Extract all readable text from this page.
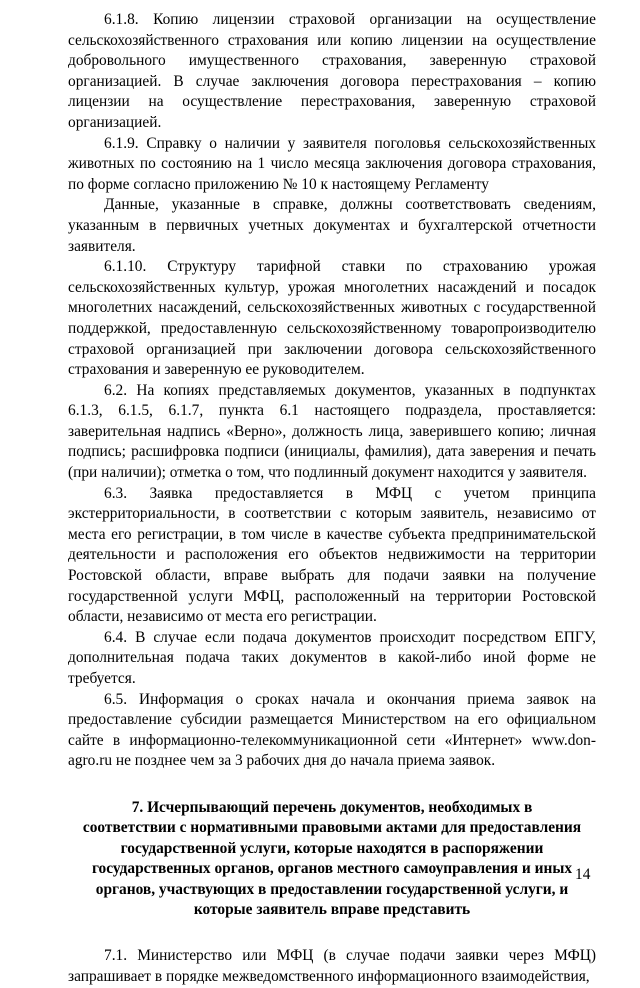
6.1.8. Копию лицензии страховой организации на осуществление сельскохозяйственного страхования или копию лицензии на осуществление добровольного имущественного страхования, заверенную страховой организацией. В случае заключения договора перестрахования – копию лицензии на осуществление перестрахования, заверенную страховой организацией.

6.1.9. Справку о наличии у заявителя поголовья сельскохозяйственных животных по состоянию на 1 число месяца заключения договора страхования, по форме согласно приложению № 10 к настоящему Регламенту

Данные, указанные в справке, должны соответствовать сведениям, указанным в первичных учетных документах и бухгалтерской отчетности заявителя.

6.1.10. Структуру тарифной ставки по страхованию урожая сельскохозяйственных культур, урожая многолетних насаждений и посадок многолетних насаждений, сельскохозяйственных животных с государственной поддержкой, предоставленную сельскохозяйственному товаропроизводителю страховой организацией при заключении договора сельскохозяйственного страхования и заверенную ее руководителем.

6.2. На копиях представляемых документов, указанных в подпунктах 6.1.3, 6.1.5, 6.1.7, пункта 6.1 настоящего подраздела, проставляется: заверительная надпись «Верно», должность лица, заверившего копию; личная подпись; расшифровка подписи (инициалы, фамилия), дата заверения и печать (при наличии); отметка о том, что подлинный документ находится у заявителя.

6.3. Заявка предоставляется в МФЦ с учетом принципа экстерриториальности, в соответствии с которым заявитель, независимо от места его регистрации, в том числе в качестве субъекта предпринимательской деятельности и расположения его объектов недвижимости на территории Ростовской области, вправе выбрать для подачи заявки на получение государственной услуги МФЦ, расположенный на территории Ростовской области, независимо от места его регистрации.

6.4. В случае если подача документов происходит посредством ЕПГУ, дополнительная подача таких документов в какой-либо иной форме не требуется.

6.5. Информация о сроках начала и окончания приема заявок на предоставление субсидии размещается Министерством на его официальном сайте в информационно-телекоммуникационной сети «Интернет» www.don-agro.ru не позднее чем за 3 рабочих дня до начала приема заявок.

7. Исчерпывающий перечень документов, необходимых в
соответствии с нормативными правовыми актами для предоставления
государственной услуги, которые находятся в распоряжении
государственных органов, органов местного самоуправления и иных
органов, участвующих в предоставлении государственной услуги, и
которые заявитель вправе представить

7.1. Министерство или МФЦ (в случае подачи заявки через МФЦ) запрашивает в порядке межведомственного информационного взаимодействия,

14
